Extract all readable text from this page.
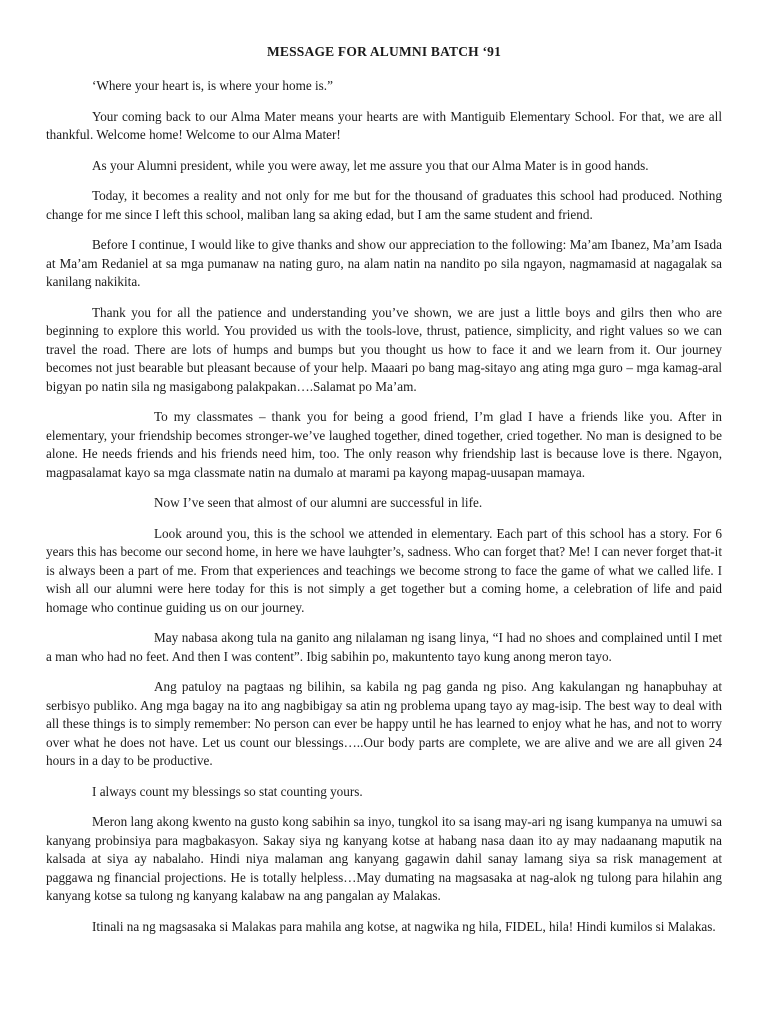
MESSAGE FOR ALUMNI BATCH ‘91

‘Where your heart is, is where your home is.”

Your coming back to our Alma Mater means your hearts are with Mantiguib Elementary School. For that, we are all thankful. Welcome home! Welcome to our Alma Mater!

As your Alumni president, while you were away, let me assure you that our Alma Mater is in good hands.

Today, it becomes a reality and not only for me but for the thousand of graduates this school had produced. Nothing change for me since I left this school, maliban lang sa aking edad, but I am the same student and friend.

Before I continue, I would like to give thanks and show our appreciation to the following: Ma’am Ibanez, Ma’am Isada at Ma’am Redaniel at sa mga pumanaw na nating guro, na alam natin na nandito po sila ngayon, nagmamasid at nagagalak sa kanilang nakikita.

Thank you for all the patience and understanding you’ve shown, we are just a little boys and gilrs then who are beginning to explore this world. You provided us with the tools-love, thrust, patience, simplicity, and right values so we can travel the road. There are lots of humps and bumps but you thought us how to face it and we learn from it. Our journey becomes not just bearable but pleasant because of your help. Maaari po bang mag-sitayo ang ating mga guro – mga kamag-aral bigyan po natin sila ng masigabong palakpakan….Salamat po Ma’am.

To my classmates – thank you for being a good friend, I’m glad I have a friends like you. After in elementary, your friendship becomes stronger-we’ve laughed together, dined together, cried together. No man is designed to be alone. He needs friends and his friends need him, too. The only reason why friendship last is because love is there. Ngayon, magpasalamat kayo sa mga classmate natin na dumalo at marami pa kayong mapag-uusapan mamaya.

Now I’ve seen that almost of our alumni are successful in life.

Look around you, this is the school we attended in elementary. Each part of this school has a story. For 6 years this has become our second home, in here we have lauhgter’s, sadness. Who can forget that? Me! I can never forget that-it is always been a part of me. From that experiences and teachings we become strong to face the game of what we called life. I wish all our alumni were here today for this is not simply a get together but a coming home, a celebration of life and paid homage who continue guiding us on our journey.

May nabasa akong tula na ganito ang nilalaman ng isang linya, “I had no shoes and complained until I met a man who had no feet. And then I was content”. Ibig sabihin po, makuntento tayo kung anong meron tayo.

Ang patuloy na pagtaas ng bilihin, sa kabila ng pag ganda ng piso. Ang kakulangan ng hanapbuhay at serbisyo publiko. Ang mga bagay na ito ang nagbibigay sa atin ng problema upang tayo ay mag-isip. The best way to deal with all these things is to simply remember: No person can ever be happy until he has learned to enjoy what he has, and not to worry over what he does not have. Let us count our blessings…..Our body parts are complete, we are alive and we are all given 24 hours in a day to be productive.

I always count my blessings so stat counting yours.

Meron lang akong kwento na gusto kong sabihin sa inyo, tungkol ito sa isang may-ari ng isang kumpanya na umuwi sa kanyang probinsiya para magbakasyon. Sakay siya ng kanyang kotse at habang nasa daan ito ay may nadaanang maputik na kalsada at siya ay nabalaho. Hindi niya malaman ang kanyang gagawin dahil sanay lamang siya sa risk management at paggawa ng financial projections. He is totally helpless…May dumating na magsasaka at nag-alok ng tulong para hilahin ang kanyang kotse sa tulong ng kanyang kalabaw na ang pangalan ay Malakas.

Itinali na ng magsasaka si Malakas para mahila ang kotse, at nagwika ng hila, FIDEL, hila! Hindi kumilos si Malakas.
